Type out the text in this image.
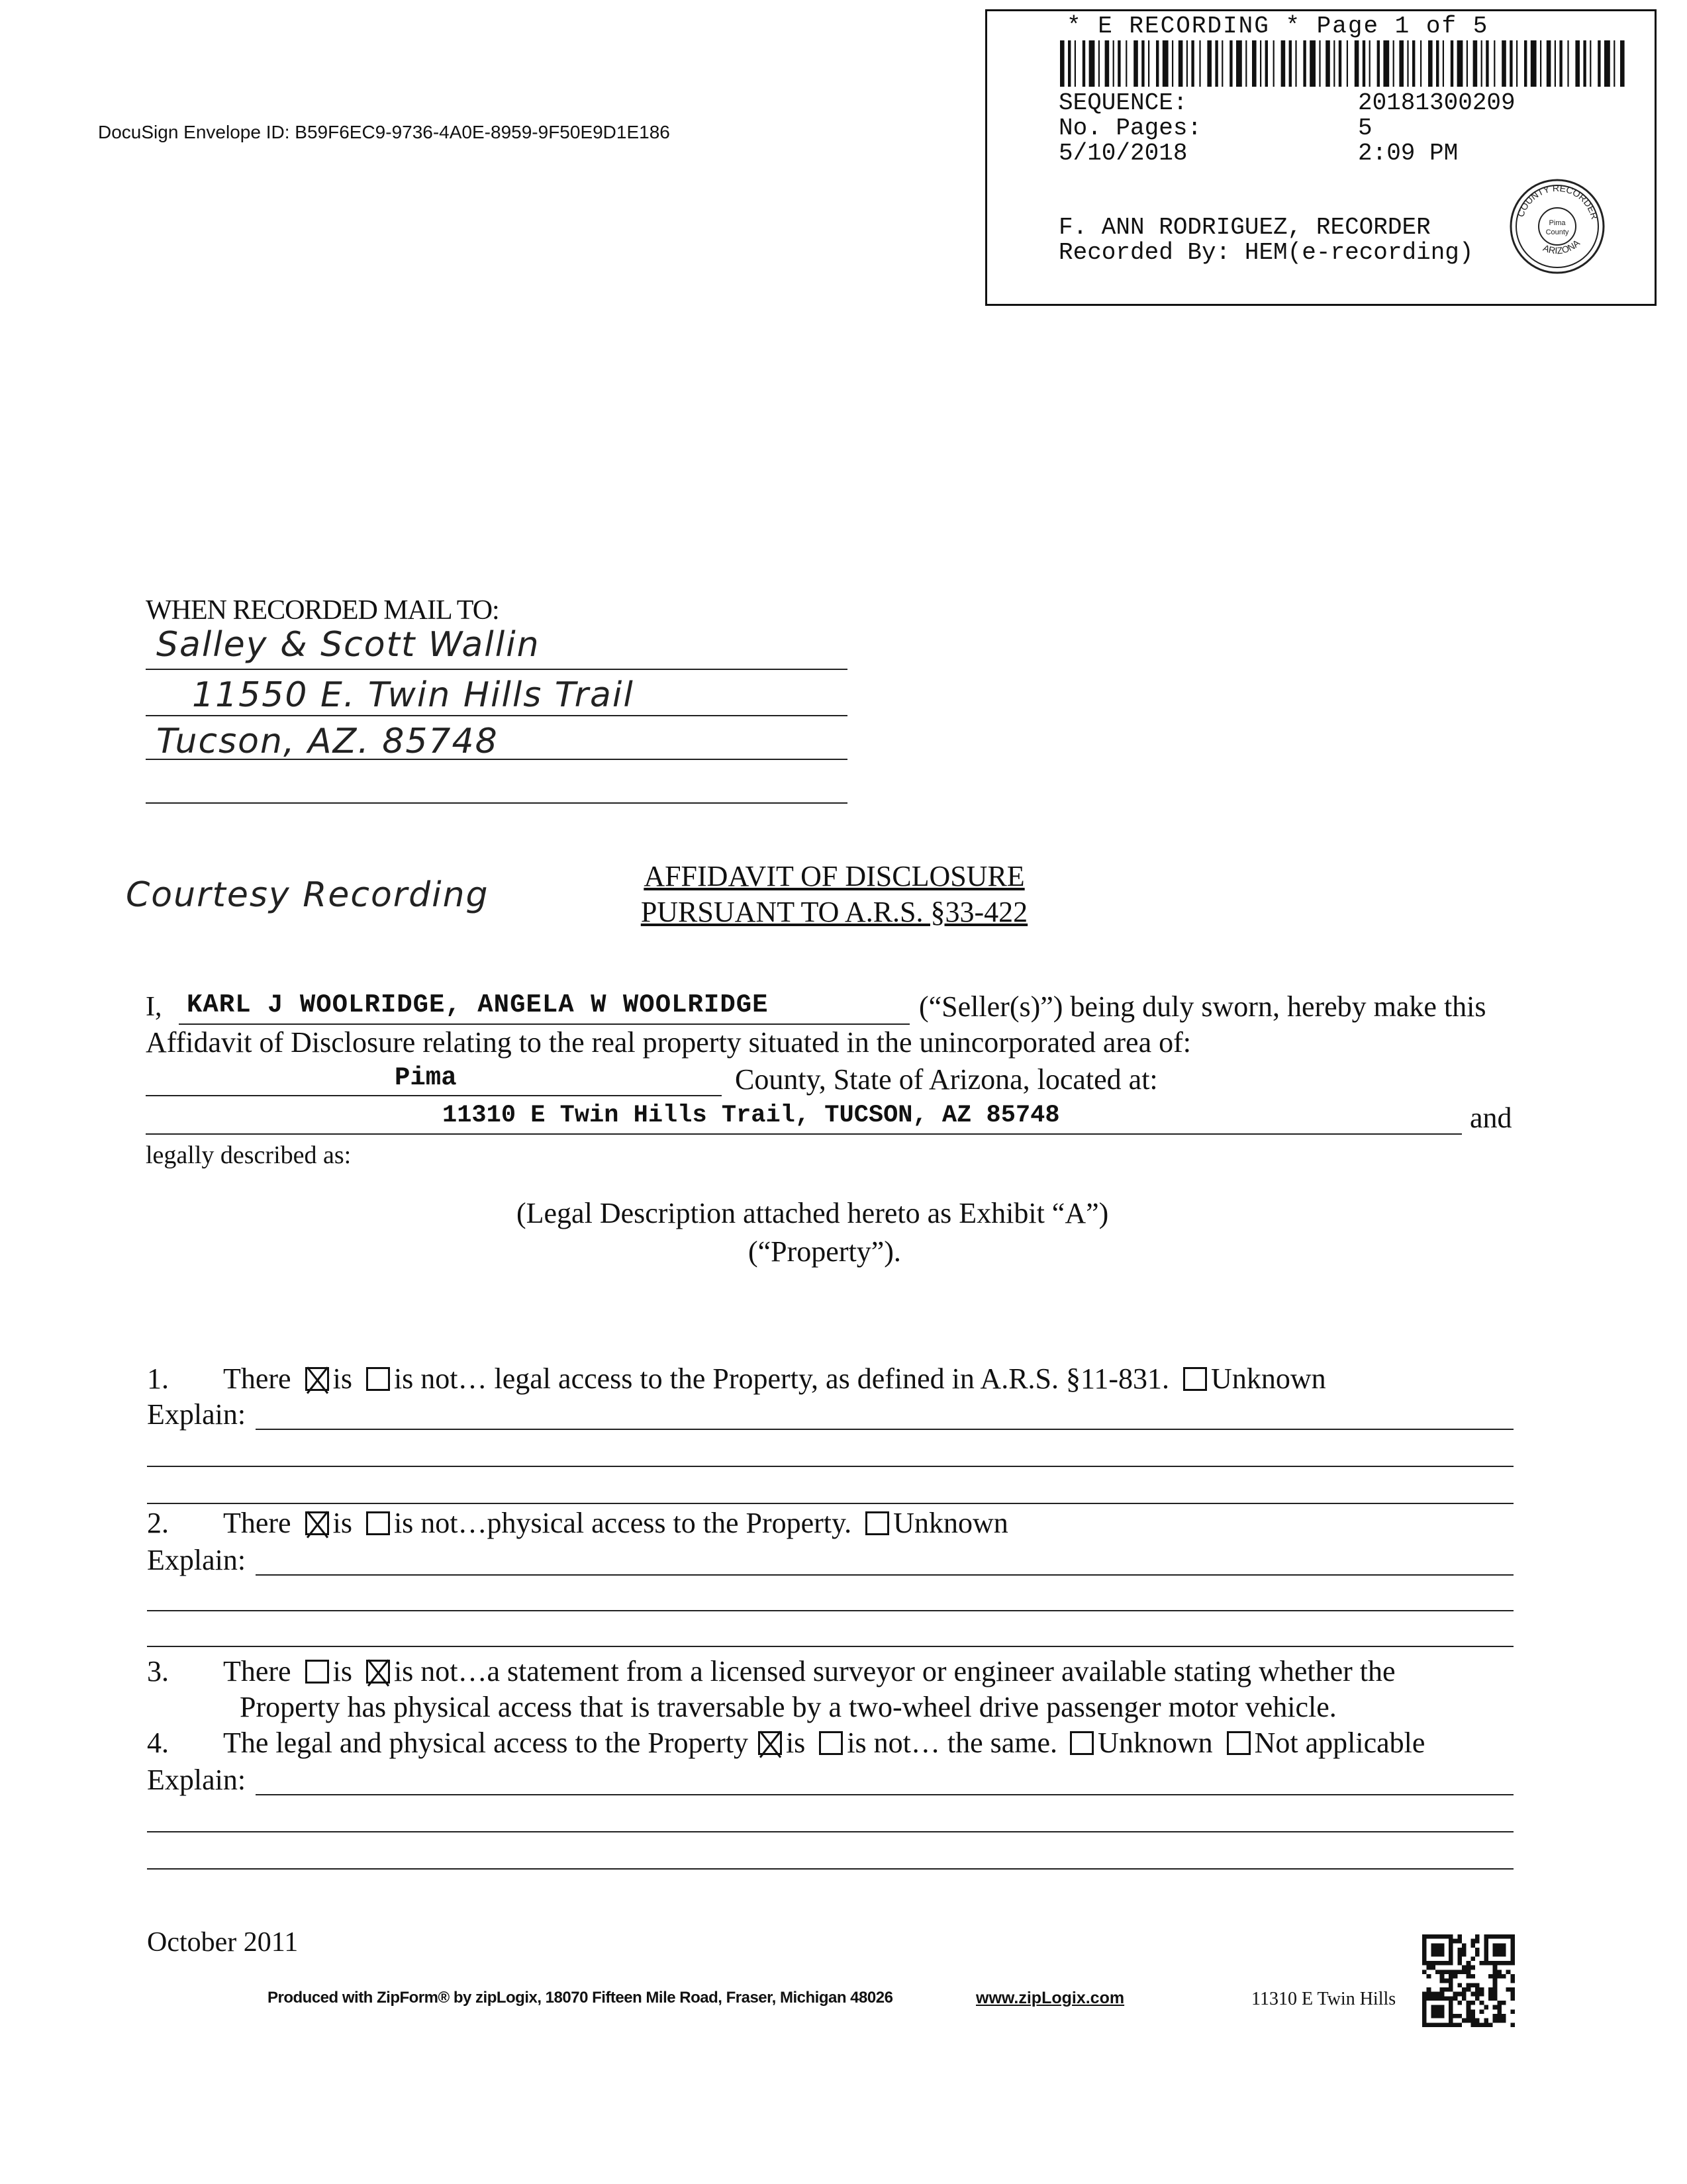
DocuSign Envelope ID: B59F6EC9-9736-4A0E-8959-9F50E9D1E186
* E RECORDING * Page 1 of 5
SEQUENCE:	20181300209
No. Pages:	5
5/10/2018	2:09 PM
F. ANN RODRIGUEZ, RECORDER
Recorded By: HEM(e-recording)
COUNTY RECORDER
ARIZONA
Pima
County
WHEN RECORDED MAIL TO:
Salley & Scott Wallin
11550 E. Twin Hills Trail
Tucson, AZ. 85748
Courtesy Recording	AFFIDAVIT OF DISCLOSURE
PURSUANT TO A.R.S. §33-422
I, KARL J WOOLRIDGE, ANGELA W WOOLRIDGE	(“Seller(s)”) being duly sworn, hereby make this
Affidavit of Disclosure relating to the real property situated in the unincorporated area of:
Pima	County, State of Arizona, located at:
11310 E Twin Hills Trail, TUCSON, AZ 85748	and
legally described as:
(Legal Description attached hereto as Exhibit “A”)
(“Property”).
1. There is is not… legal access to the Property, as defined in A.R.S. §11-831. Unknown
Explain:
2. There is is not…physical access to the Property. Unknown
Explain:
3. There is is not…a statement from a licensed surveyor or engineer available stating whether the
Property has physical access that is traversable by a two-wheel drive passenger motor vehicle.
4. The legal and physical access to the Property is is not… the same. Unknown Not applicable
Explain:
October 2011
Produced with ZipForm® by zipLogix, 18070 Fifteen Mile Road, Fraser, Michigan 48026	www.zipLogix.com	11310 E Twin Hills
